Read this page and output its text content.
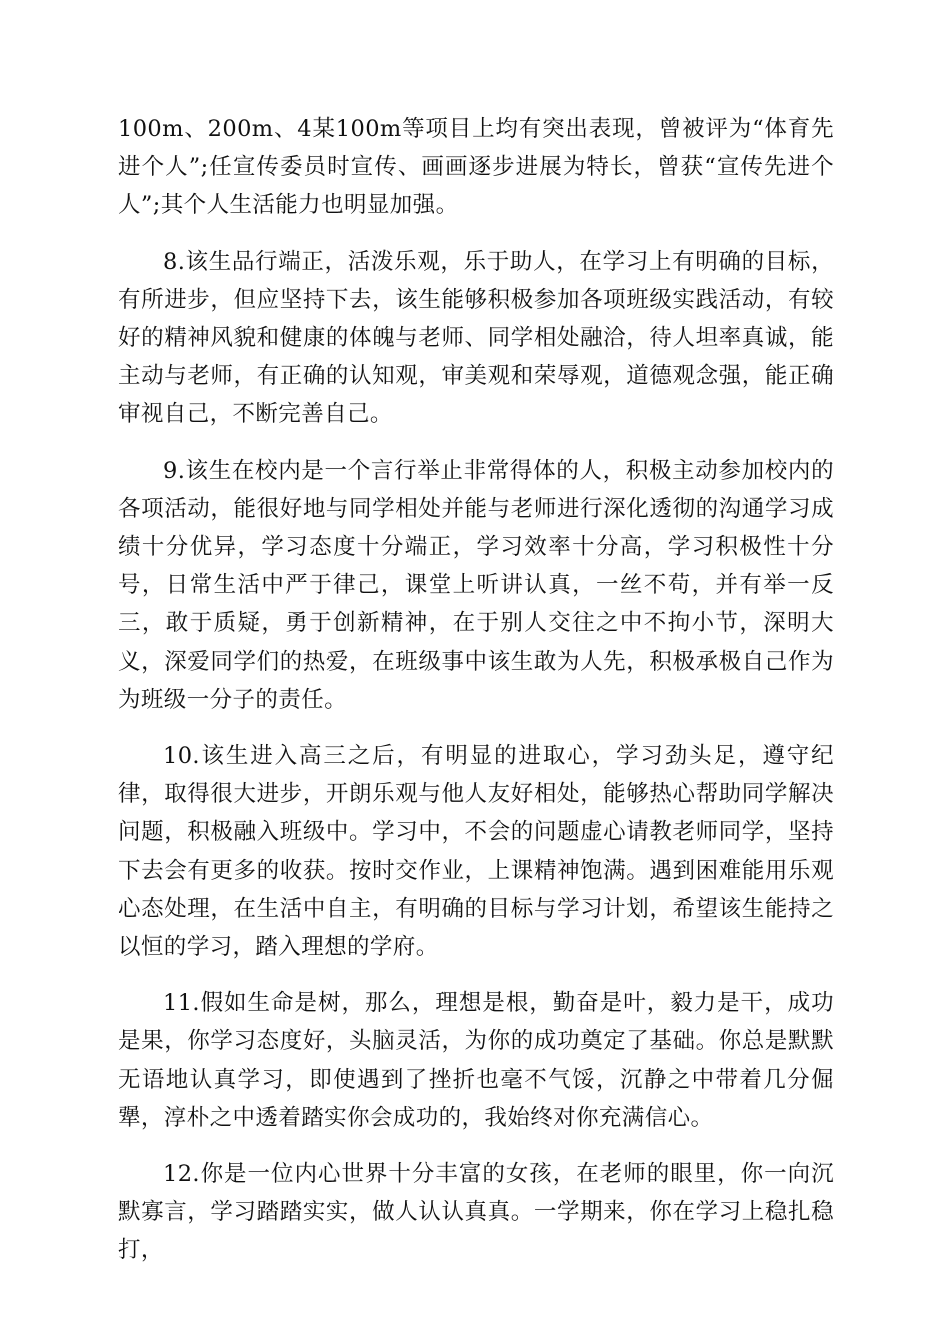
100m、200m、4某100m等项目上均有突出表现，曾被评为“体育先进个人”;任宣传委员时宣传、画画逐步进展为特长，曾获“宣传先进个人”;其个人生活能力也明显加强。

8.该生品行端正，活泼乐观，乐于助人，在学习上有明确的目标，有所进步，但应坚持下去，该生能够积极参加各项班级实践活动，有较好的精神风貌和健康的体魄与老师、同学相处融洽，待人坦率真诚，能主动与老师，有正确的认知观，审美观和荣辱观，道德观念强，能正确审视自己，不断完善自己。

9.该生在校内是一个言行举止非常得体的人，积极主动参加校内的各项活动，能很好地与同学相处并能与老师进行深化透彻的沟通学习成绩十分优异，学习态度十分端正，学习效率十分高，学习积极性十分号，日常生活中严于律己，课堂上听讲认真，一丝不苟，并有举一反三，敢于质疑，勇于创新精神，在于别人交往之中不拘小节，深明大义，深爱同学们的热爱，在班级事中该生敢为人先，积极承极自己作为为班级一分子的责任。

10.该生进入高三之后，有明显的进取心，学习劲头足，遵守纪律，取得很大进步，开朗乐观与他人友好相处，能够热心帮助同学解决问题，积极融入班级中。学习中，不会的问题虚心请教老师同学，坚持下去会有更多的收获。按时交作业，上课精神饱满。遇到困难能用乐观心态处理，在生活中自主，有明确的目标与学习计划，希望该生能持之以恒的学习，踏入理想的学府。

11.假如生命是树，那么，理想是根，勤奋是叶，毅力是干，成功是果，你学习态度好，头脑灵活，为你的成功奠定了基础。你总是默默无语地认真学习，即使遇到了挫折也毫不气馁，沉静之中带着几分倔犟，淳朴之中透着踏实你会成功的，我始终对你充满信心。

12.你是一位内心世界十分丰富的女孩，在老师的眼里，你一向沉默寡言，学习踏踏实实，做人认认真真。一学期来，你在学习上稳扎稳打，
